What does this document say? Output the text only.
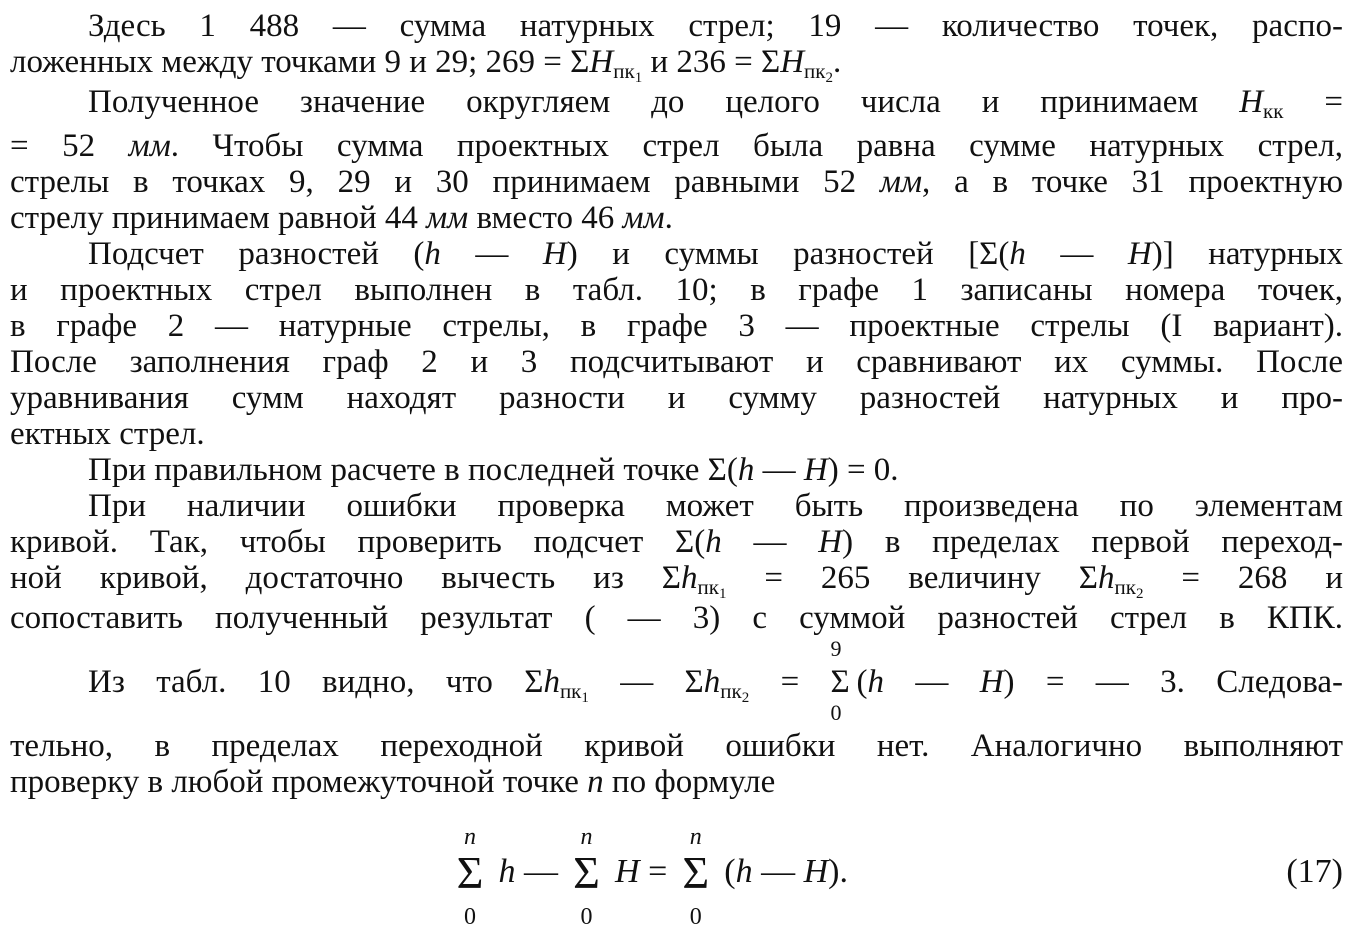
Здесь 1 488 — сумма натурных стрел; 19 — количество точек, распо-
ложенных между точками 9 и 29; $269 = \Sigma H_{пк_1}$ и $236 = \Sigma H_{пк_2}$.
Полученное значение округляем до целого числа и принимаем $H_{кк}$ =
= 52 мм. Чтобы сумма проектных стрел была равна сумме натурных стрел,
стрелы в точках 9, 29 и 30 принимаем равными 52 мм, а в точке 31 проектную
стрелу принимаем равной 44 мм вместо 46 мм.
Подсчет разностей (h — H) и суммы разностей [Σ(h — H)] натурных
и проектных стрел выполнен в табл. 10; в графе 1 записаны номера точек,
в графе 2 — натурные стрелы, в графе 3 — проектные стрелы (I вариант).
После заполнения граф 2 и 3 подсчитывают и сравнивают их суммы. После
уравнивания сумм находят разности и сумму разностей натурных и про-
ектных стрел.
При правильном расчете в последней точке Σ(h — H) = 0.
При наличии ошибки проверка может быть произведена по элементам
кривой. Так, чтобы проверить подсчет Σ(h — H) в пределах первой переход-
ной кривой, достаточно вычесть из $\Sigma h_{пк_1} = 265$ величину $\Sigma h_{пк_2} = 268$ и
сопоставить полученный результат ( — 3) с суммой разностей стрел в КПК.
Из табл. 10 видно, что $\Sigma h_{пк_1}$ — $\Sigma h_{пк_2}$ =
9
Σ
0
(h — H) = — 3. Следова-
тельно, в пределах переходной кривой ошибки нет. Аналогично выполняют
проверку в любой промежуточной точке n по формуле
n
Σ
0
h —
n
Σ
0
H =
n
Σ
0
(h — H).	(17)
